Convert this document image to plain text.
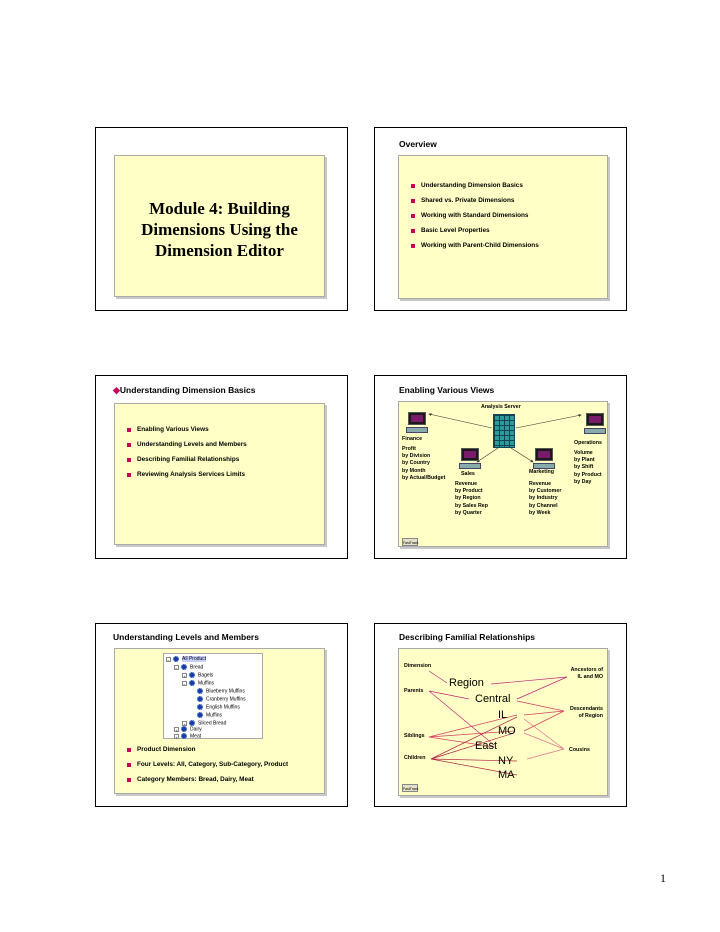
Module 4: Building
Dimensions Using the
Dimension Editor
Overview
Understanding Dimension Basics
Shared vs. Private Dimensions
Working with Standard Dimensions
Basic Level Properties
Working with Parent-Child Dimensions
◆Understanding Dimension Basics
Enabling Various Views
Understanding Levels and Members
Describing Familial Relationships
Reviewing Analysis Services Limits
Enabling Various Views
Analysis Server
Finance
Profit
by Division
by Country
by Month
by Actual/Budget
Operations
Volume
by Plant
by Shift
by Product
by Day
Sales
Revenue
by Product
by Region
by Sales Rep
by Quarter
Marketing
Revenue
by Customer
by Industry
by Channel
by Week
FastTrack
Understanding Levels and Members
− All Product
− Bread
+ Bagels
− Muffins
Blueberry Muffins
Cranberry Muffins
English Muffins
Muffins
+ Sliced Bread
+ Dairy
+ Meat
Product Dimension
Four Levels: All, Category, Sub-Category, Product
Category Members: Bread, Dairy, Meat
Describing Familial Relationships
Dimension
Parents
Siblings
Children
Ancestors of IL and MO
Descendants of Region
Cousins
Region
Central
IL
MO
East
NY
MA
FastTrack
1
